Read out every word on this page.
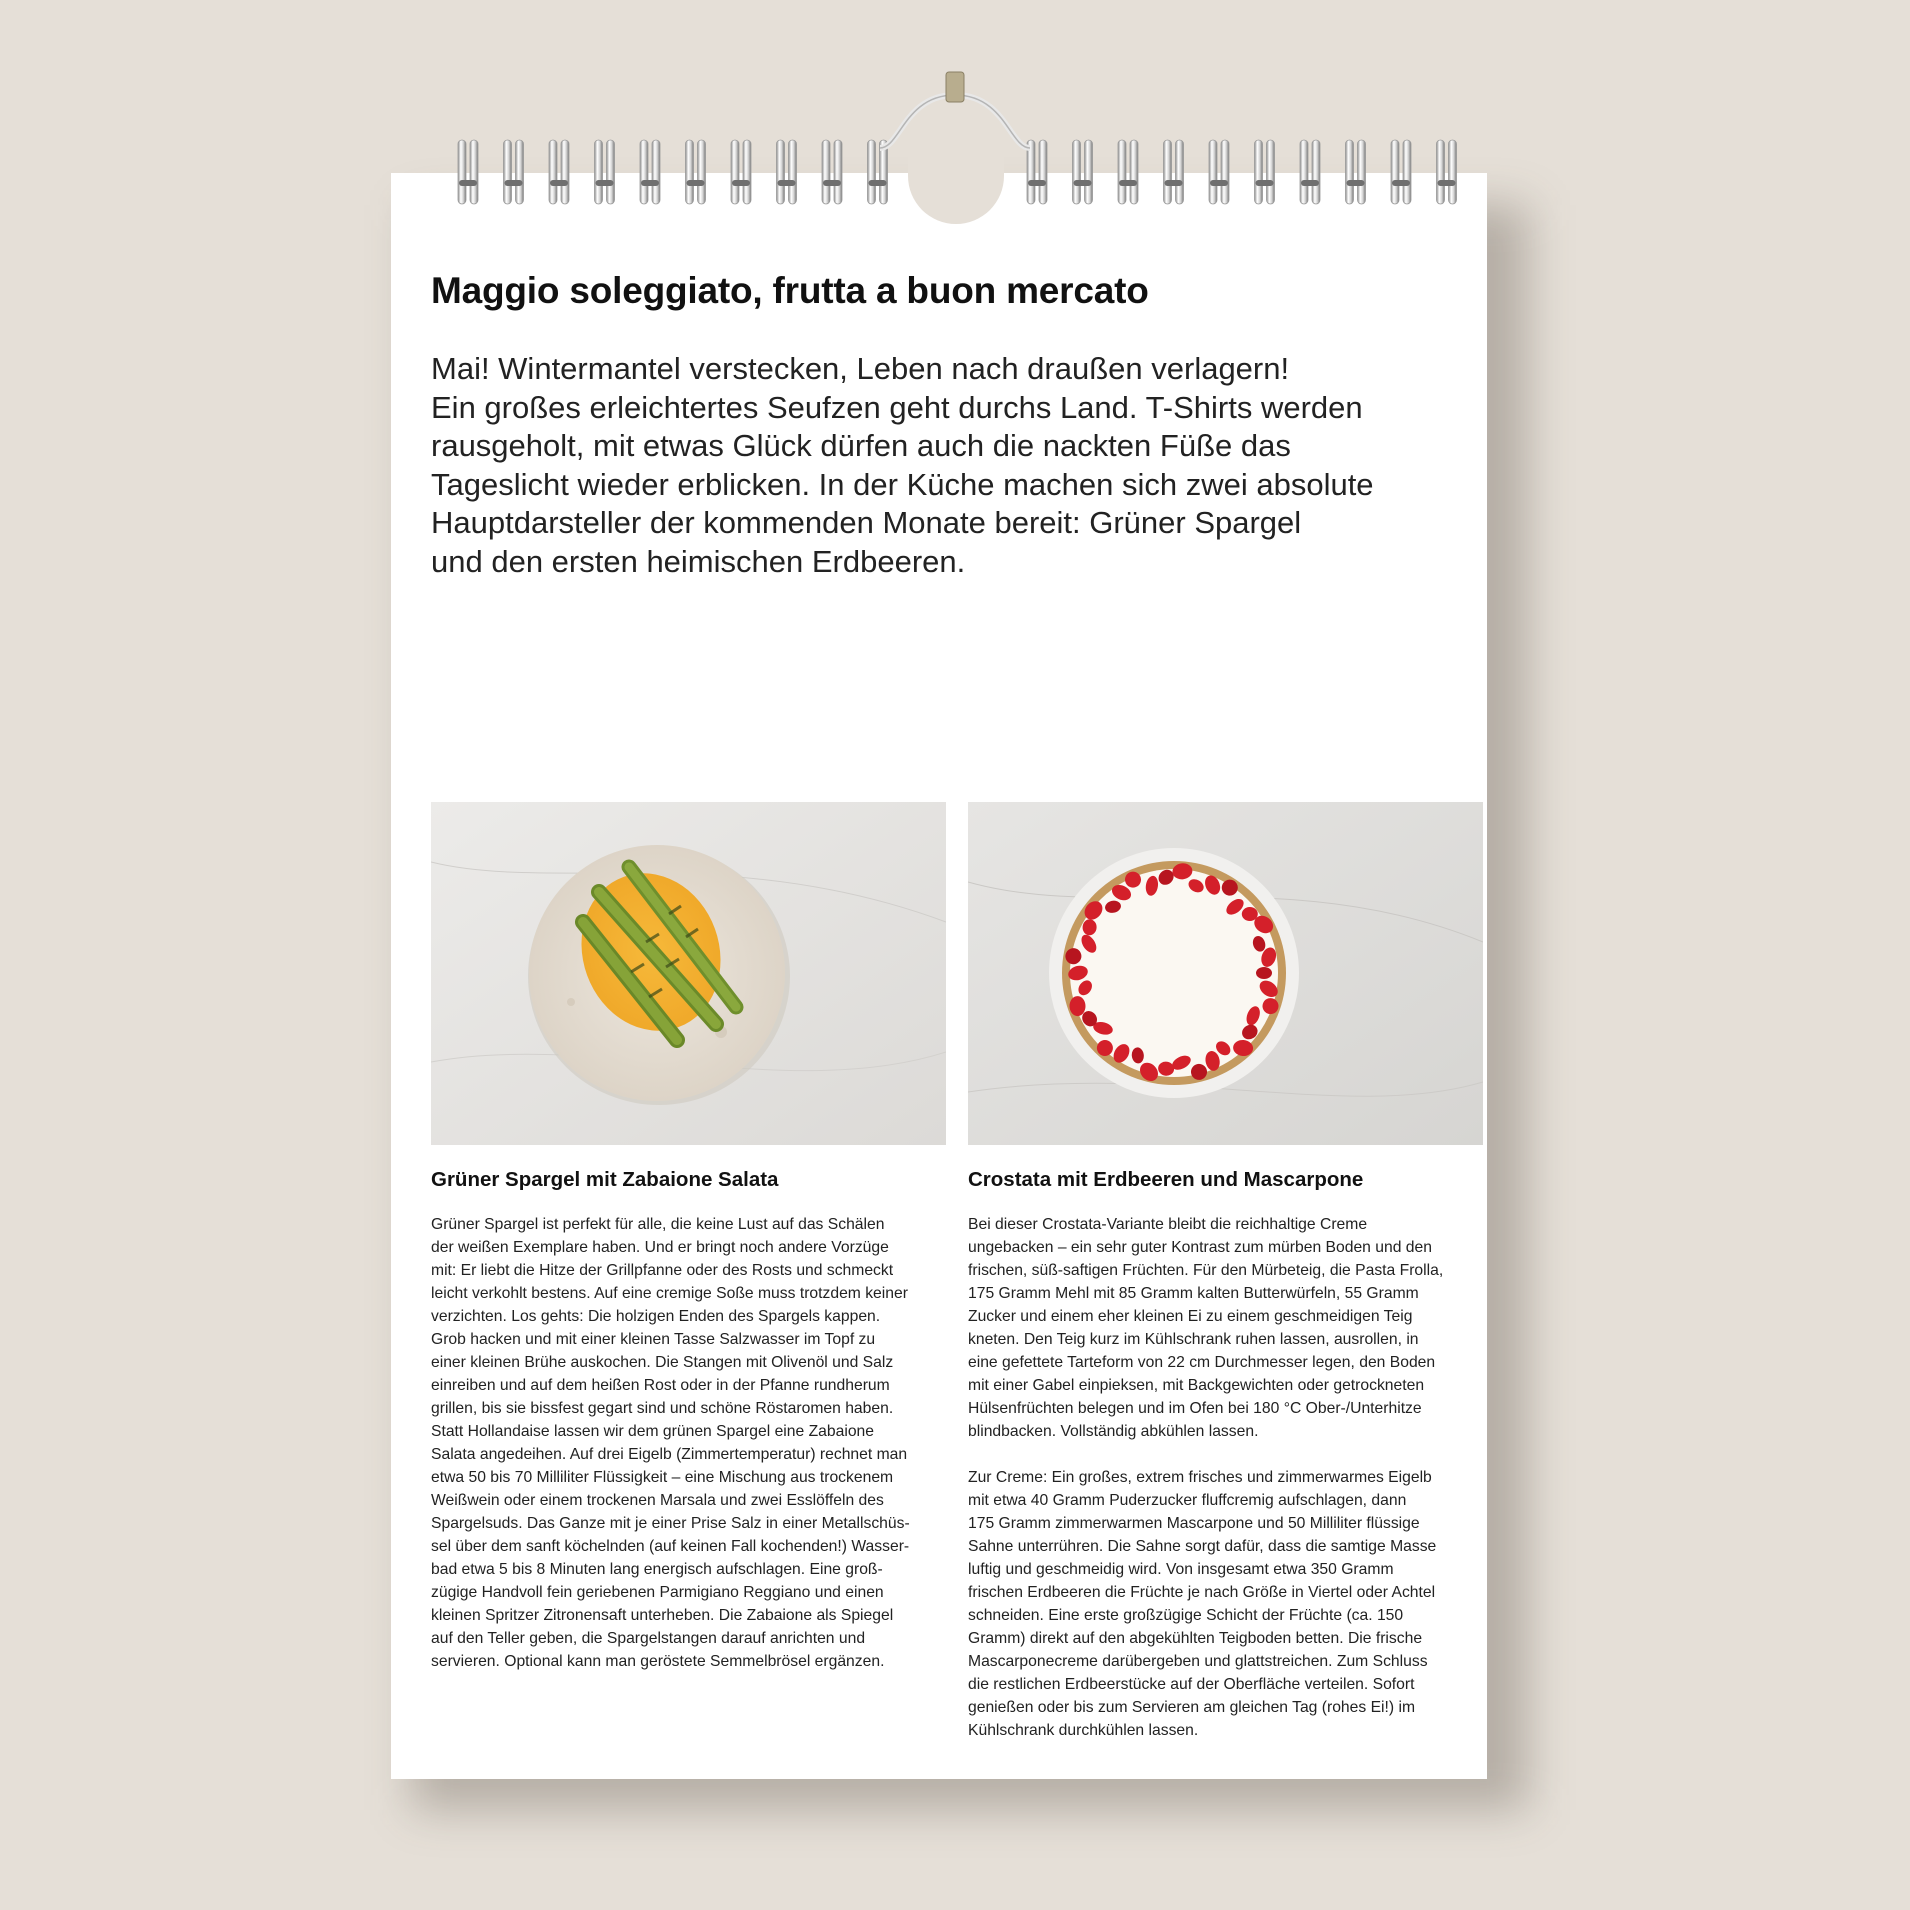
Maggio soleggiato, frutta a buon mercato

Mai! Wintermantel verstecken, Leben nach draußen verlagern!
Ein großes erleichtertes Seufzen geht durchs Land. T-Shirts werden
rausgeholt, mit etwas Glück dürfen auch die nackten Füße das
Tageslicht wieder erblicken. In der Küche machen sich zwei absolute
Hauptdarsteller der kommenden Monate bereit: Grüner Spargel
und den ersten heimischen Erdbeeren.

Grüner Spargel mit Zabaione Salata	Crostata mit Erdbeeren und Mascarpone
Grüner Spargel ist perfekt für alle, die keine Lust auf das Schälen
der weißen Exemplare haben. Und er bringt noch andere Vorzüge
mit: Er liebt die Hitze der Grillpfanne oder des Rosts und schmeckt
leicht verkohlt bestens. Auf eine cremige Soße muss trotzdem keiner
verzichten. Los gehts: Die holzigen Enden des Spargels kappen.
Grob hacken und mit einer kleinen Tasse Salzwasser im Topf zu
einer kleinen Brühe auskochen. Die Stangen mit Olivenöl und Salz
einreiben und auf dem heißen Rost oder in der Pfanne rundherum
grillen, bis sie bissfest gegart sind und schöne Röstaromen haben.
Statt Hollandaise lassen wir dem grünen Spargel eine Zabaione
Salata angedeihen. Auf drei Eigelb (Zimmertemperatur) rechnet man
etwa 50 bis 70 Milliliter Flüssigkeit – eine Mischung aus trockenem
Weißwein oder einem trockenen Marsala und zwei Esslöffeln des
Spargelsuds. Das Ganze mit je einer Prise Salz in einer Metallschüs-
sel über dem sanft köchelnden (auf keinen Fall kochenden!) Wasser-
bad etwa 5 bis 8 Minuten lang energisch aufschlagen. Eine groß-
zügige Handvoll fein geriebenen Parmigiano Reggiano und einen
kleinen Spritzer Zitronensaft unterheben. Die Zabaione als Spiegel
auf den Teller geben, die Spargelstangen darauf anrichten und
servieren. Optional kann man geröstete Semmelbrösel ergänzen.
Bei dieser Crostata-Variante bleibt die reichhaltige Creme
ungebacken – ein sehr guter Kontrast zum mürben Boden und den
frischen, süß-saftigen Früchten. Für den Mürbeteig, die Pasta Frolla,
175 Gramm Mehl mit 85 Gramm kalten Butterwürfeln, 55 Gramm
Zucker und einem eher kleinen Ei zu einem geschmeidigen Teig
kneten. Den Teig kurz im Kühlschrank ruhen lassen, ausrollen, in
eine gefettete Tarteform von 22 cm Durchmesser legen, den Boden
mit einer Gabel einpieksen, mit Backgewichten oder getrockneten
Hülsenfrüchten belegen und im Ofen bei 180 °C Ober-/Unterhitze
blindbacken. Vollständig abkühlen lassen.

Zur Creme: Ein großes, extrem frisches und zimmerwarmes Eigelb
mit etwa 40 Gramm Puderzucker fluffcremig aufschlagen, dann
175 Gramm zimmerwarmen Mascarpone und 50 Milliliter flüssige
Sahne unterrühren. Die Sahne sorgt dafür, dass die samtige Masse
luftig und geschmeidig wird. Von insgesamt etwa 350 Gramm
frischen Erdbeeren die Früchte je nach Größe in Viertel oder Achtel
schneiden. Eine erste großzügige Schicht der Früchte (ca. 150
Gramm) direkt auf den abgekühlten Teigboden betten. Die frische
Mascarponecreme darübergeben und glattstreichen. Zum Schluss
die restlichen Erdbeerstücke auf der Oberfläche verteilen. Sofort
genießen oder bis zum Servieren am gleichen Tag (rohes Ei!) im
Kühlschrank durchkühlen lassen.
